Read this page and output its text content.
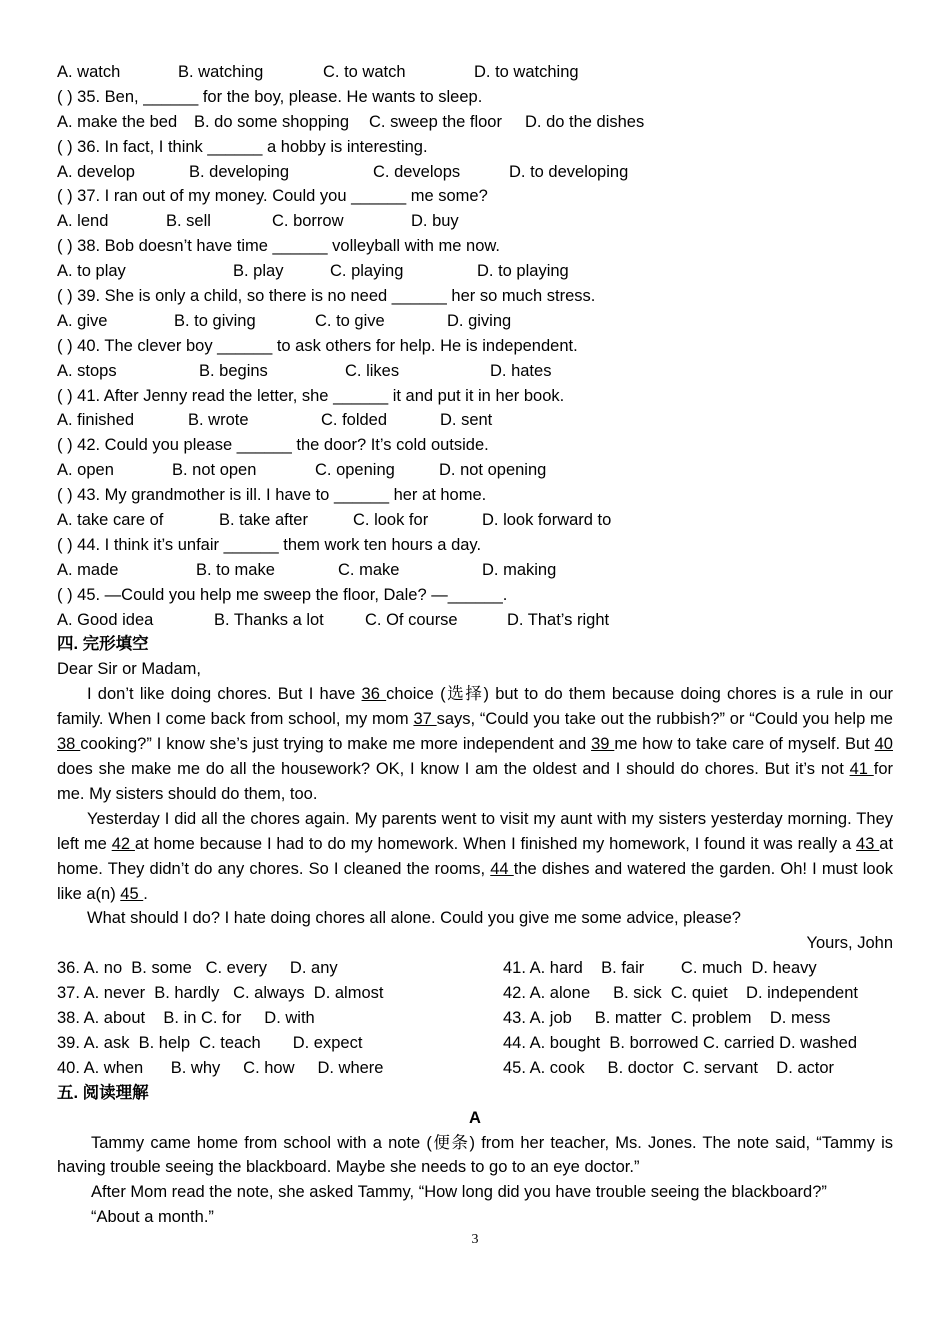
A. watch	B. watching	C. to watch	D. to watching
( ) 35. Ben, ______ for the boy, please. He wants to sleep.
A. make the bed B. do some shopping C. sweep the floor D. do the dishes
( ) 36. In fact, I think ______ a hobby is interesting.
A. develop	B. developing	C. develops	D. to developing
( ) 37. I ran out of my money. Could you ______ me some?
A. lend	B. sell	C. borrow	D. buy
( ) 38. Bob doesn’t have time ______ volleyball with me now.
A. to play	B. play	C. playing	D. to playing
( ) 39. She is only a child, so there is no need ______ her so much stress.
A. give	B. to giving	C. to give	D. giving
( ) 40. The clever boy ______ to ask others for help. He is independent.
A. stops	B. begins	C. likes	D. hates
( ) 41. After Jenny read the letter, she ______ it and put it in her book.
A. finished	B. wrote	C. folded	D. sent
( ) 42. Could you please ______ the door? It’s cold outside.
A. open	B. not open	C. opening	D. not opening
( ) 43. My grandmother is ill. I have to ______ her at home.
A. take care of	B. take after	C. look for	D. look forward to
( ) 44. I think it’s unfair ______ them work ten hours a day.
A. made	B. to make	C. make	D. making
( ) 45. —Could you help me sweep the floor, Dale? —______.
A. Good idea	B. Thanks a lot C. Of course	D. That’s right
四. 完形填空
Dear Sir or Madam,
I don’t like doing chores. But I have 36 choice (选择) but to do them because doing chores is a rule in our family. When I come back from school, my mom 37 says, “Could you take out the rubbish?” or “Could you help me 38 cooking?” I know she’s just trying to make me more independent and 39 me how to take care of myself. But 40 does she make me do all the housework? OK, I know I am the oldest and I should do chores. But it’s not 41 for me. My sisters should do them, too.
Yesterday I did all the chores again. My parents went to visit my aunt with my sisters yesterday morning. They left me 42 at home because I had to do my homework. When I finished my homework, I found it was really a 43 at home. They didn’t do any chores. So I cleaned the rooms, 44 the dishes and watered the garden. Oh! I must look like a(n) 45 .
What should I do? I hate doing chores all alone. Could you give me some advice, please?
Yours, John
36. A. no  B. some   C. every     D. any
37. A. never  B. hardly   C. always  D. almost
38. A. about    B. in C. for     D. with
39. A. ask  B. help  C. teach       D. expect
40. A. when      B. why     C. how     D. where
41. A. hard    B. fair        C. much  D. heavy
42. A. alone     B. sick  C. quiet    D. independent
43. A. job     B. matter  C. problem    D. mess
44. A. bought  B. borrowed C. carried D. washed
45. A. cook     B. doctor  C. servant    D. actor
五. 阅读理解
A
Tammy came home from school with a note (便条) from her teacher, Ms. Jones. The note said, “Tammy is having trouble seeing the blackboard. Maybe she needs to go to an eye doctor.”
After Mom read the note, she asked Tammy, “How long did you have trouble seeing the blackboard?”
“About a month.”
3
